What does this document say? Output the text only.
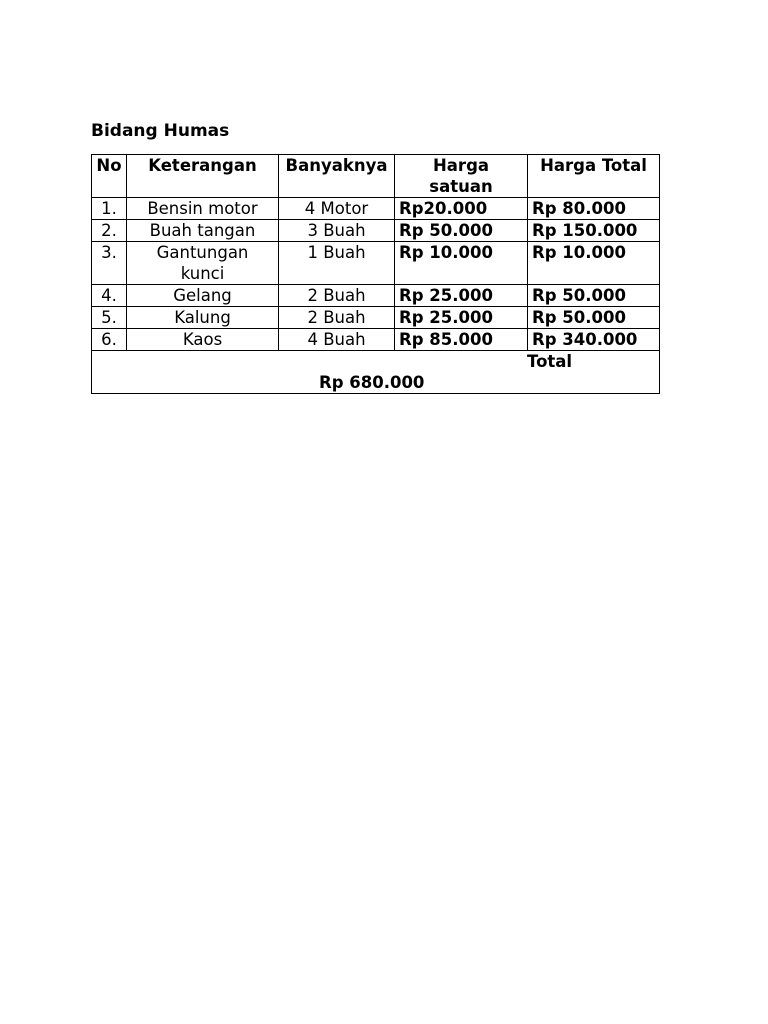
Bidang Humas

No	Keterangan	Banyaknya	Harga satuan	Harga Total
1.	Bensin motor	4 Motor	Rp20.000	Rp 80.000
2.	Buah tangan	3 Buah	Rp 50.000	Rp 150.000
3.	Gantungan kunci	1 Buah	Rp 10.000	Rp 10.000
4.	Gelang	2 Buah	Rp 25.000	Rp 50.000
5.	Kalung	2 Buah	Rp 25.000	Rp 50.000
6.	Kaos	4 Buah	Rp 85.000	Rp 340.000

Total
Rp 680.000				
